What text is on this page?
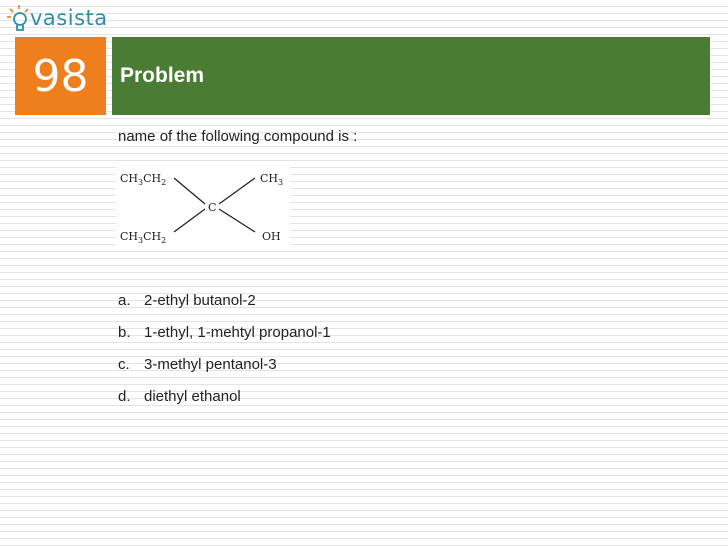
vasista
98	Problem
name of the following compound is :
$CH_3CH_2$	$CH_3$
$CH_3CH_2$	OH
C
a. 2-ethyl butanol-2
b. 1-ethyl, 1-mehtyl propanol-1
c. 3-methyl pentanol-3
d. diethyl ethanol
